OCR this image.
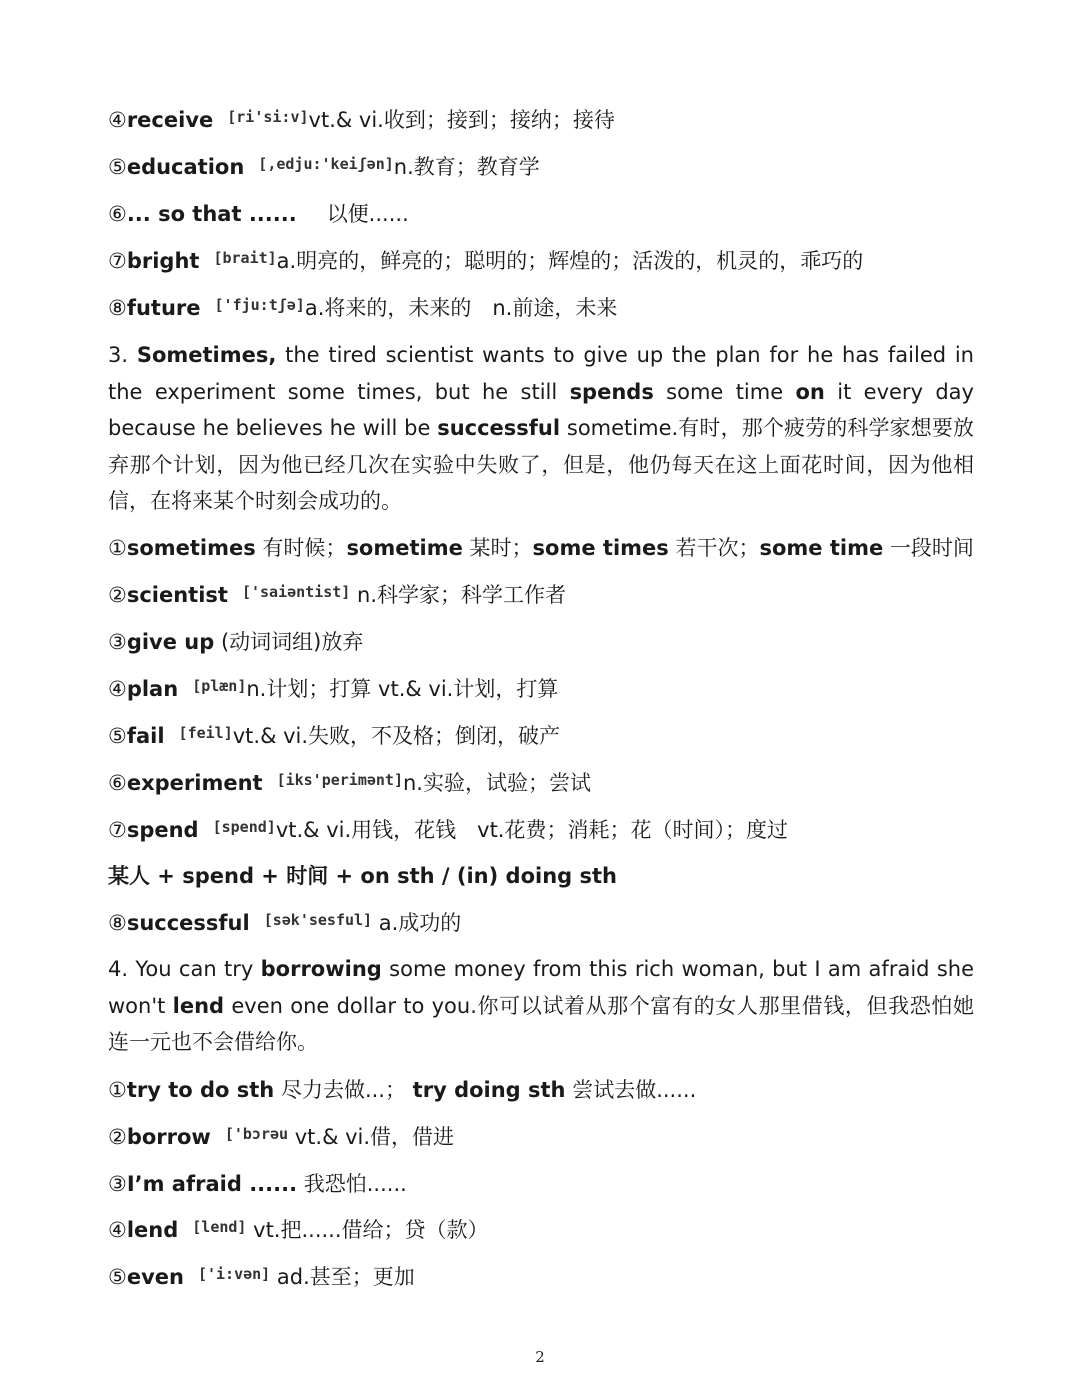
④receive [ri'si:v]vt.& vi.收到；接到；接纳；接待
⑤education [,edju:'keiʃən]n.教育；教育学
⑥... so that ...... 以便......
⑦bright [brait]a.明亮的，鲜亮的；聪明的；辉煌的；活泼的，机灵的，乖巧的
⑧future ['fju:tʃə]a.将来的，未来的　n.前途，未来
3. Sometimes, the tired scientist wants to give up the plan for he has failed in the experiment some times, but he still spends some time on it every day because he believes he will be successful sometime.有时，那个疲劳的科学家想要放弃那个计划，因为他已经几次在实验中失败了，但是，他仍每天在这上面花时间，因为他相信，在将来某个时刻会成功的。
①sometimes 有时候；sometime 某时；some times 若干次；some time 一段时间
②scientist ['saiəntist] n.科学家；科学工作者
③give up (动词词组)放弃
④plan [plæn]n.计划；打算 vt.& vi.计划，打算
⑤fail [feil]vt.& vi.失败，不及格；倒闭，破产
⑥experiment [iks'perimənt]n.实验，试验；尝试
⑦spend [spend]vt.& vi.用钱，花钱　vt.花费；消耗；花（时间）；度过
某人 + spend + 时间 + on sth / (in) doing sth
⑧successful [sək'sesful] a.成功的
4. You can try borrowing some money from this rich woman, but I am afraid she won't lend even one dollar to you.你可以试着从那个富有的女人那里借钱，但我恐怕她连一元也不会借给你。
①try to do sth 尽力去做...； try doing sth 尝试去做......
②borrow $^{['bɔrəu}$ vt.& vi.借，借进
③I’m afraid ...... 我恐怕......
④lend [lend] vt.把......借给；贷（款）
⑤even ['i:vən] ad.甚至；更加
2
